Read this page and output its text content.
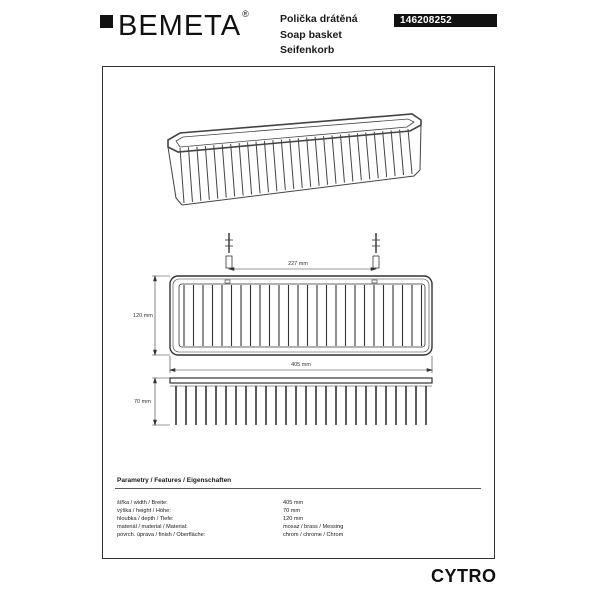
BEMETA ®	Polička drátěná
Soap basket
Seifenkorb
146208252
227 mm
120 mm
405 mm
70 mm
Parametry / Features / Eigenschaften
šířka / width / Breite:	405 mm
výška / height / Höhe:	70 mm
hloubka / depth / Tiefe:	120 mm
materiál / material / Material:	mosaz / brass / Messing
povrch. úprava / finish / Oberfläche:	chrom / chrome / Chrom
CYTRO
